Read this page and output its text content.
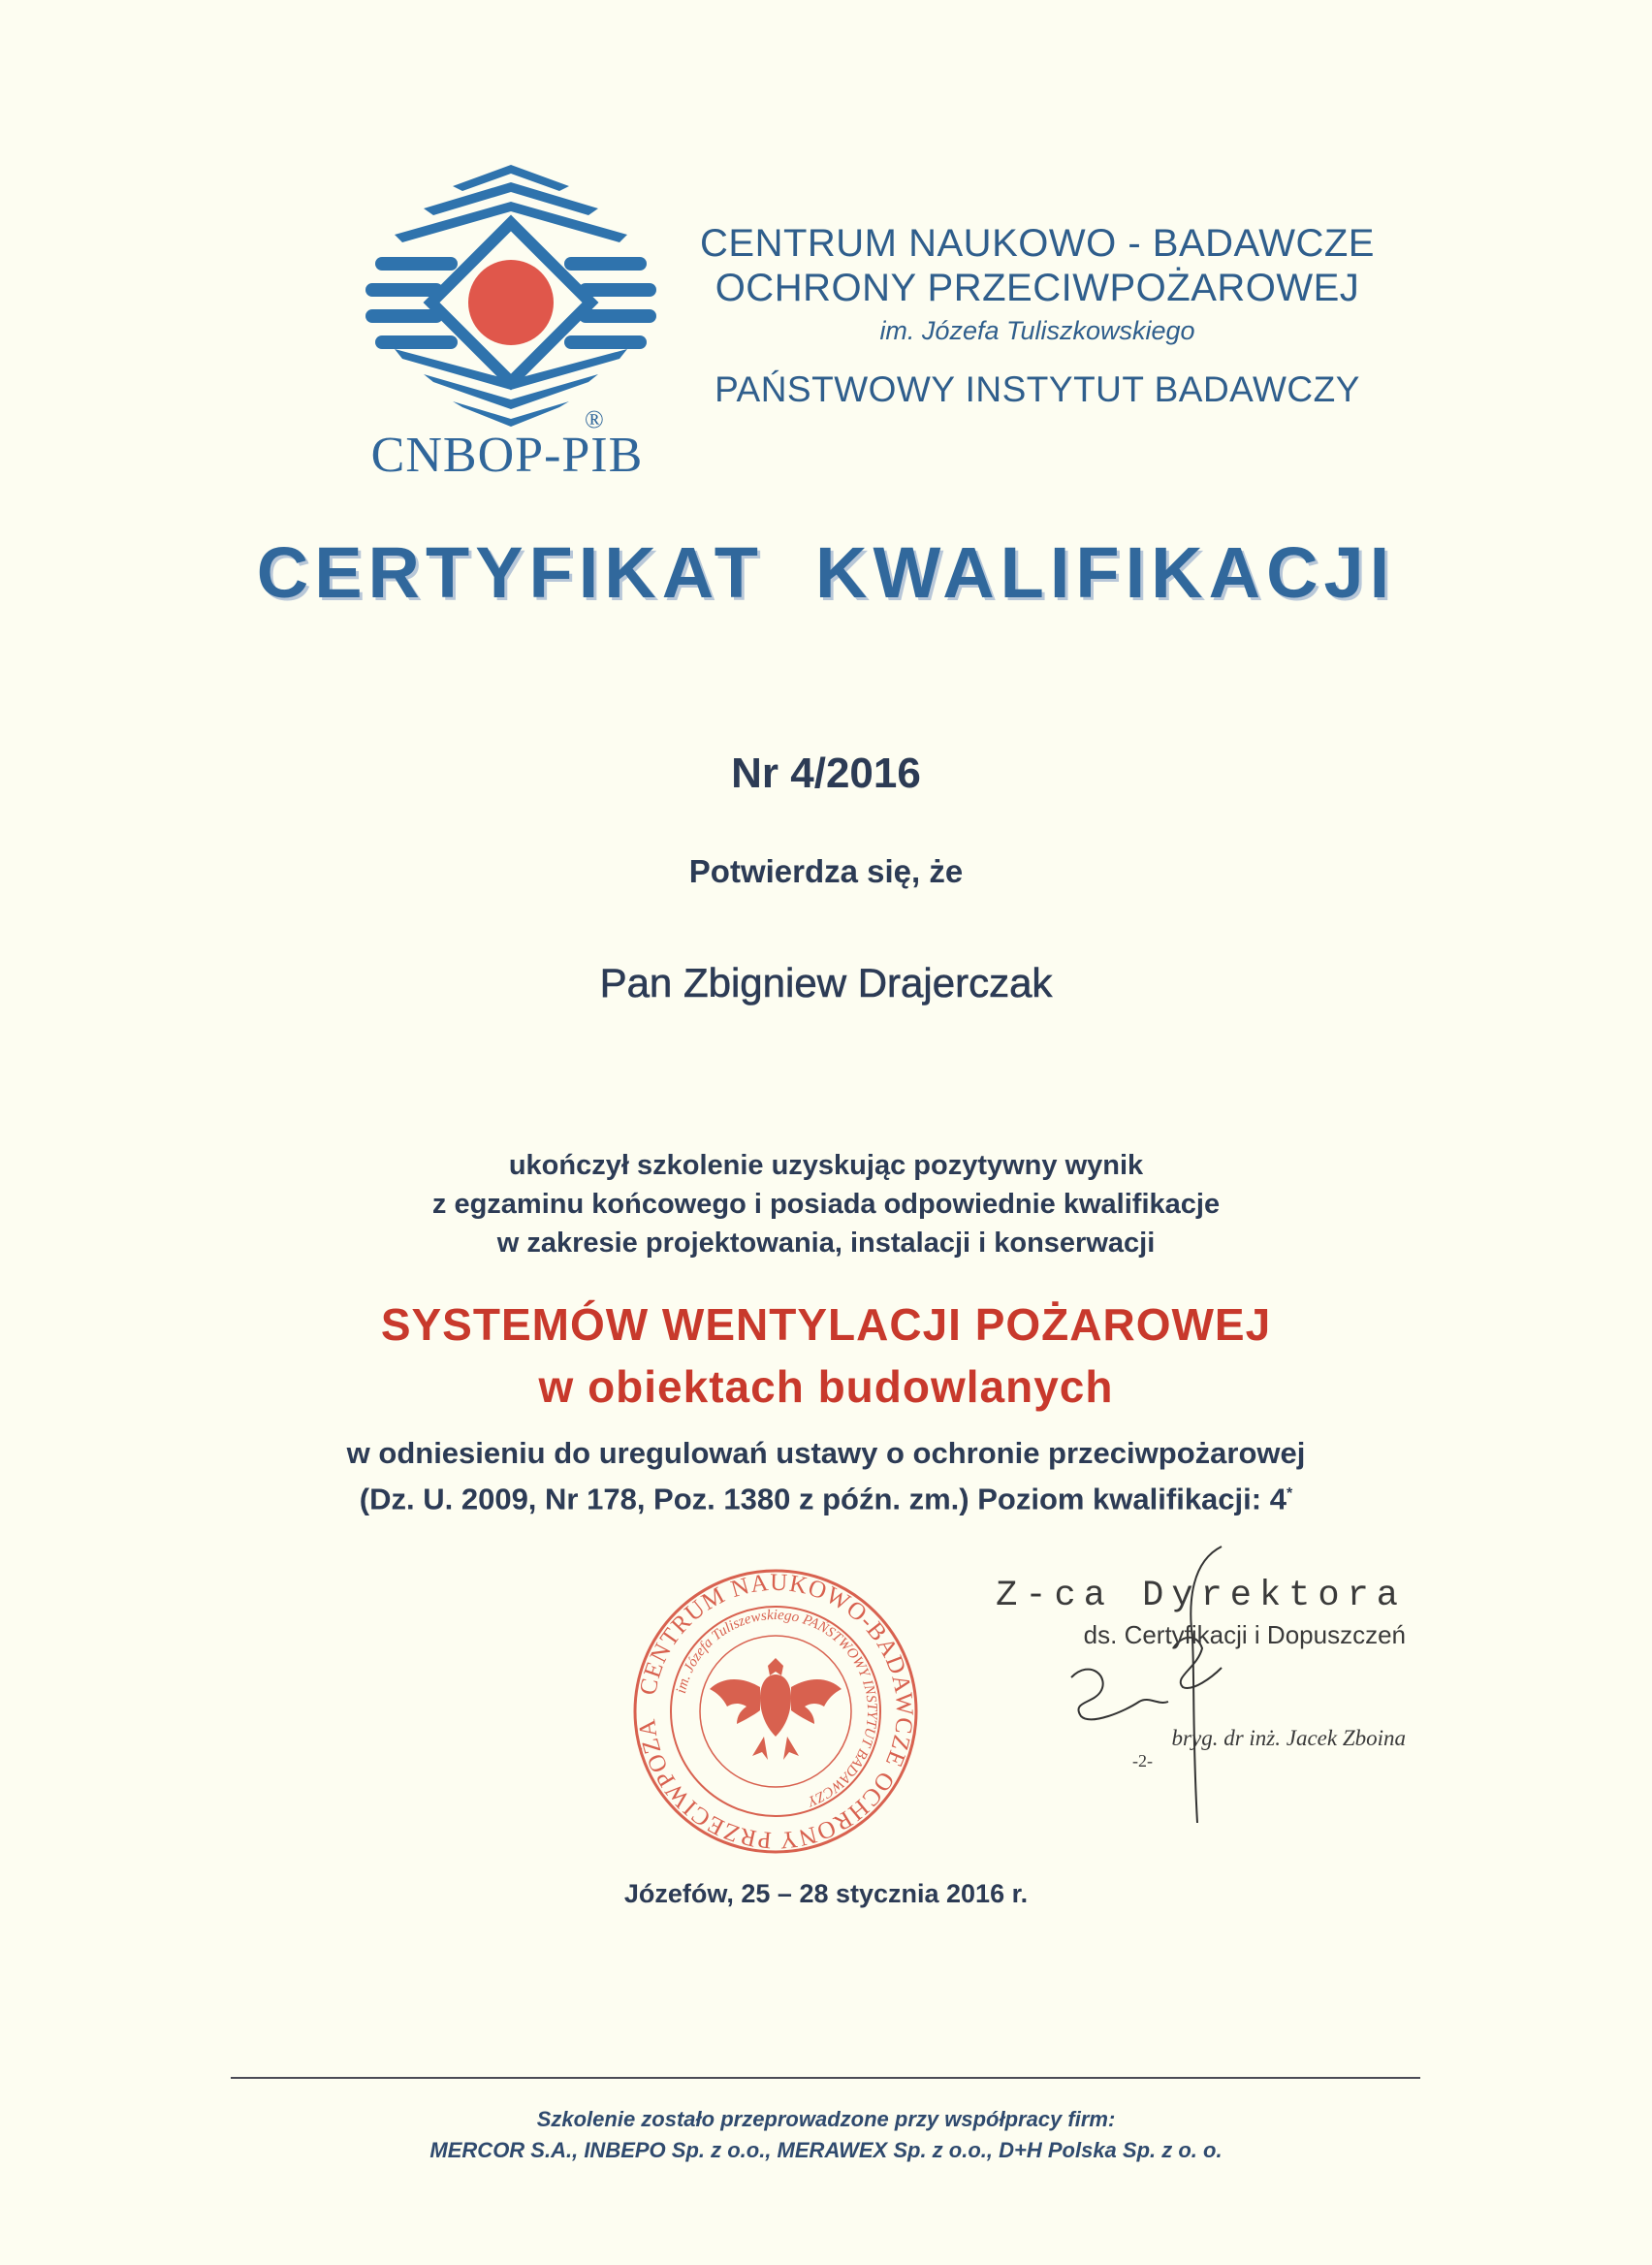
®
CNBOP-PIB
CENTRUM NAUKOWO - BADAWCZE
OCHRONY PRZECIWPOŻAROWEJ
im. Józefa Tuliszkowskiego
PAŃSTWOWY INSTYTUT BADAWCZY
CERTYFIKAT  KWALIFIKACJI
Nr 4/2016
Potwierdza się, że
Pan Zbigniew Drajerczak
ukończył szkolenie uzyskując pozytywny wynik
z egzaminu końcowego i posiada odpowiednie kwalifikacje
w zakresie projektowania, instalacji i konserwacji
SYSTEMÓW WENTYLACJI POŻAROWEJ
w obiektach budowlanych
w odniesieniu do uregulowań ustawy o ochronie przeciwpożarowej
(Dz. U. 2009, Nr 178, Poz. 1380 z późn. zm.) Poziom kwalifikacji: 4*
CENTRUM NAUKOWO-BADAWCZE OCHRONY PRZECIWPOŻA
im. Józefa Tuliszewskiego PAŃSTWOWY INSTYTUT BADAWCZY
Z-ca Dyrektora
ds. Certyfikacji i Dopuszczeń
bryg. dr inż. Jacek Zboina
-2-
Józefów, 25 – 28 stycznia 2016 r.
Szkolenie zostało przeprowadzone przy współpracy firm:
MERCOR S.A., INBEPO Sp. z o.o., MERAWEX Sp. z o.o., D+H Polska Sp. z o. o.
